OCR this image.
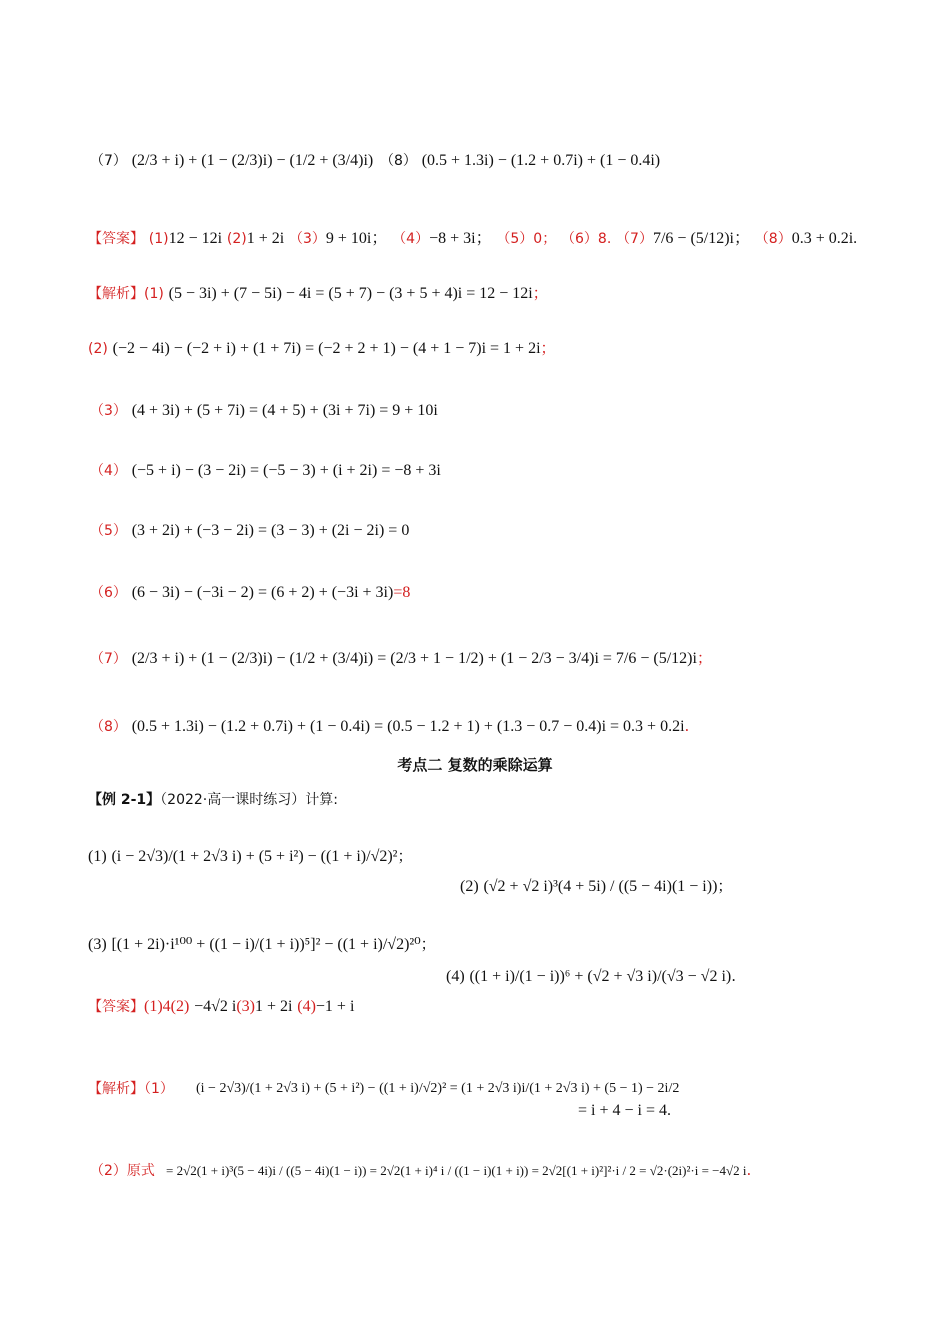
（7） (2/3 + i) + (1 − (2/3)i) − (1/2 + (3/4)i) （8） (0.5 + 1.3i) − (1.2 + 0.7i) + (1 − 0.4i)
【答案】 (1)12 − 12i (2)1 + 2i （3）9 + 10i； （4）−8 + 3i； （5）0； （6）8. （7）7/6 − (5/12)i； （8）0.3 + 0.2i.
【解析】(1) (5 − 3i) + (7 − 5i) − 4i = (5 + 7) − (3 + 5 + 4)i = 12 − 12i；
(2) (−2 − 4i) − (−2 + i) + (1 + 7i) = (−2 + 2 + 1) − (4 + 1 − 7)i = 1 + 2i；
（3） (4 + 3i) + (5 + 7i) = (4 + 5) + (3i + 7i) = 9 + 10i
（4） (−5 + i) − (3 − 2i) = (−5 − 3) + (i + 2i) = −8 + 3i
（5） (3 + 2i) + (−3 − 2i) = (3 − 3) + (2i − 2i) = 0
（6） (6 − 3i) − (−3i − 2) = (6 + 2) + (−3i + 3i)=8
（7） (2/3 + i) + (1 − (2/3)i) − (1/2 + (3/4)i) = (2/3 + 1 − 1/2) + (1 − 2/3 − 3/4)i = 7/6 − (5/12)i；
（8） (0.5 + 1.3i) − (1.2 + 0.7i) + (1 − 0.4i) = (0.5 − 1.2 + 1) + (1.3 − 0.7 − 0.4)i = 0.3 + 0.2i.
考点二 复数的乘除运算
【例 2-1】（2022·高一课时练习）计算:
(1) (i − 2√3)/(1 + 2√3 i) + (5 + i²) − ((1 + i)/√2)²；
(2) (√2 + √2 i)³(4 + 5i) / ((5 − 4i)(1 − i))；
(3) [(1 + 2i)·i¹⁰⁰ + ((1 − i)/(1 + i))⁵]² − ((1 + i)/√2)²⁰；
(4) ((1 + i)/(1 − i))⁶ + (√2 + √3 i)/(√3 − √2 i).
【答案】(1)4(2) −4√2 i(3)1 + 2i (4)−1 + i
【解析】（1） (i − 2√3)/(1 + 2√3 i) + (5 + i²) − ((1 + i)/√2)² = (1 + 2√3 i)i/(1 + 2√3 i) + (5 − 1) − 2i/2
= i + 4 − i = 4.
（2）原式 = 2√2(1 + i)³(5 − 4i)i / ((5 − 4i)(1 − i)) = 2√2(1 + i)⁴ i / ((1 − i)(1 + i)) = 2√2[(1 + i)²]²·i / 2 = √2·(2i)²·i = −4√2 i.
